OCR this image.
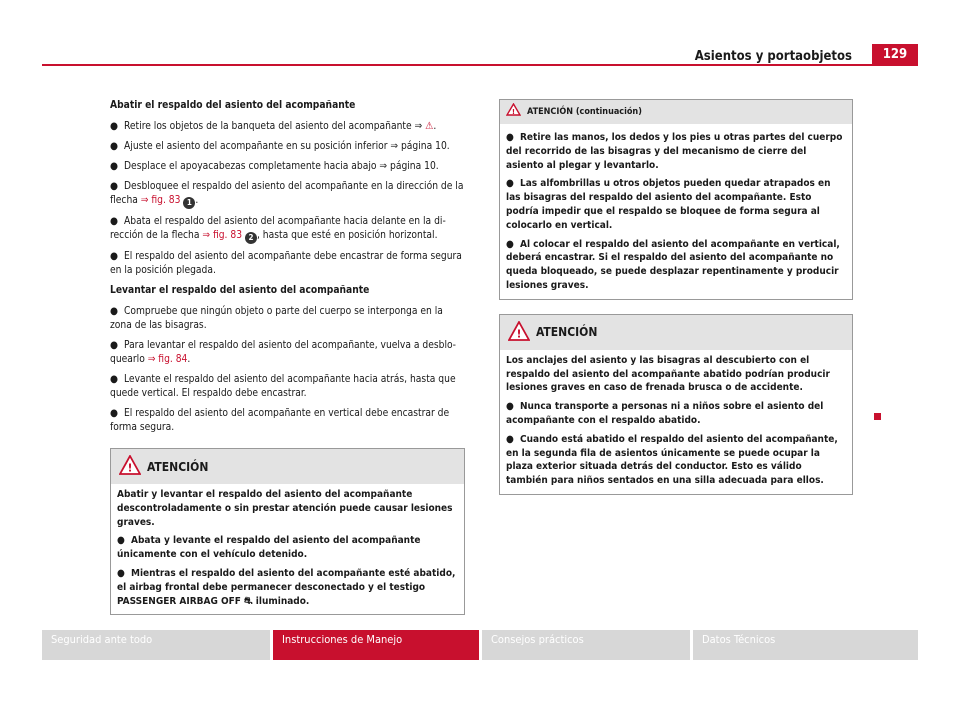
Asientos y portaobjetos	129
Abatir el respaldo del asiento del acompañante
● Retire los objetos de la banqueta del asiento del acompañante ⇒ ⚠.
● Ajuste el asiento del acompañante en su posición inferior ⇒ página 10.
● Desplace el apoyacabezas completamente hacia abajo ⇒ página 10.
● Desbloquee el respaldo del asiento del acompañante en la dirección de la flecha ⇒ fig. 83 1 .
● Abata el respaldo del asiento del acompañante hacia delante en la dirección de la flecha ⇒ fig. 83 2 , hasta que esté en posición horizontal.
● El respaldo del asiento del acompañante debe encastrar de forma segura en la posición plegada.
Levantar el respaldo del asiento del acompañante
● Compruebe que ningún objeto o parte del cuerpo se interponga en la zona de las bisagras.
● Para levantar el respaldo del asiento del acompañante, vuelva a desbloquearlo ⇒ fig. 84.
● Levante el respaldo del asiento del acompañante hacia atrás, hasta que quede vertical. El respaldo debe encastrar.
● El respaldo del asiento del acompañante en vertical debe encastrar de forma segura.
! ATENCIÓN
Abatir y levantar el respaldo del asiento del acompañante descontroladamente o sin prestar atención puede causar lesiones graves.
● Abata y levante el respaldo del asiento del acompañante únicamente con el vehículo detenido.
● Mientras el respaldo del asiento del acompañante esté abatido, el airbag frontal debe permanecer desconectado y el testigo PASSENGER AIRBAG OFF ⛐ iluminado.
! ATENCIÓN (continuación)
● Retire las manos, los dedos y los pies u otras partes del cuerpo del recorrido de las bisagras y del mecanismo de cierre del asiento al plegar y levantarlo.
● Las alfombrillas u otros objetos pueden quedar atrapados en las bisagras del respaldo del asiento del acompañante. Esto podría impedir que el respaldo se bloquee de forma segura al colocarlo en vertical.
● Al colocar el respaldo del asiento del acompañante en vertical, deberá encastrar. Si el respaldo del asiento del acompañante no queda bloqueado, se puede desplazar repentinamente y producir lesiones graves.
! ATENCIÓN
Los anclajes del asiento y las bisagras al descubierto con el respaldo del asiento del acompañante abatido podrían producir lesiones graves en caso de frenada brusca o de accidente.
● Nunca transporte a personas ni a niños sobre el asiento del acompañante con el respaldo abatido.
● Cuando está abatido el respaldo del asiento del acompañante, en la segunda fila de asientos únicamente se puede ocupar la plaza exterior situada detrás del conductor. Esto es válido también para niños sentados en una silla adecuada para ellos.
Seguridad ante todo	Instrucciones de Manejo	Consejos prácticos	Datos Técnicos
